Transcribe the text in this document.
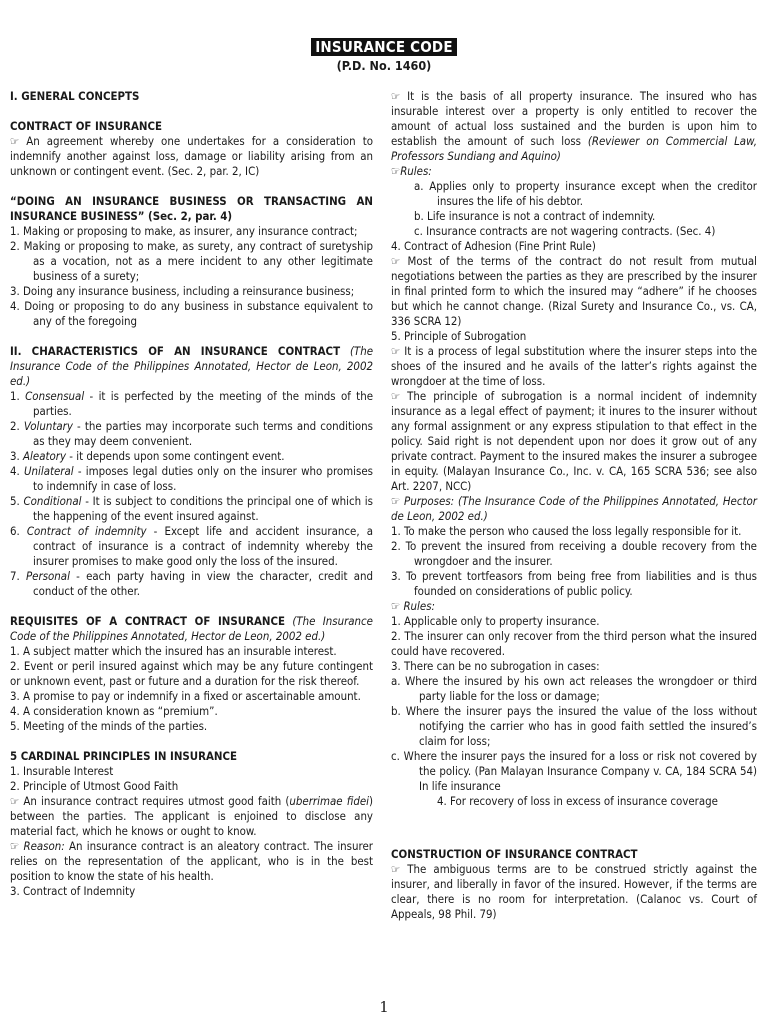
INSURANCE CODE
(P.D. No. 1460)
I. GENERAL CONCEPTS
CONTRACT OF INSURANCE
☞ An agreement whereby one undertakes for a consideration to indemnify another against loss, damage or liability arising from an unknown or contingent event. (Sec. 2, par. 2, IC)
“DOING AN INSURANCE BUSINESS OR TRANSACTING AN INSURANCE BUSINESS” (Sec. 2, par. 4)
1. Making or proposing to make, as insurer, any insurance contract;
2. Making or proposing to make, as surety, any contract of suretyship as a vocation, not as a mere incident to any other legitimate business of a surety;
3. Doing any insurance business, including a reinsurance business;
4. Doing or proposing to do any business in substance equivalent to any of the foregoing
II. CHARACTERISTICS OF AN INSURANCE CONTRACT (The Insurance Code of the Philippines Annotated, Hector de Leon, 2002 ed.)
1. Consensual - it is perfected by the meeting of the minds of the parties.
2. Voluntary - the parties may incorporate such terms and conditions as they may deem convenient.
3. Aleatory - it depends upon some contingent event.
4. Unilateral - imposes legal duties only on the insurer who promises to indemnify in case of loss.
5. Conditional - It is subject to conditions the principal one of which is the happening of the event insured against.
6. Contract of indemnity - Except life and accident insurance, a contract of insurance is a contract of indemnity whereby the insurer promises to make good only the loss of the insured.
7. Personal - each party having in view the character, credit and conduct of the other.
REQUISITES OF A CONTRACT OF INSURANCE (The Insurance Code of the Philippines Annotated, Hector de Leon, 2002 ed.)
1. A subject matter which the insured has an insurable interest.
2. Event or peril insured against which may be any future contingent or unknown event, past or future and a duration for the risk thereof.
3. A promise to pay or indemnify in a fixed or ascertainable amount.
4. A consideration known as “premium”.
5. Meeting of the minds of the parties.
5 CARDINAL PRINCIPLES IN INSURANCE
1. Insurable Interest
2. Principle of Utmost Good Faith
☞ An insurance contract requires utmost good faith (uberrimae fidei) between the parties. The applicant is enjoined to disclose any material fact, which he knows or ought to know.
☞ Reason: An insurance contract is an aleatory contract. The insurer relies on the representation of the applicant, who is in the best position to know the state of his health.
3. Contract of Indemnity
☞ It is the basis of all property insurance. The insured who has insurable interest over a property is only entitled to recover the amount of actual loss sustained and the burden is upon him to establish the amount of such loss (Reviewer on Commercial Law, Professors Sundiang and Aquino)
☞Rules:
a. Applies only to property insurance except when the creditor insures the life of his debtor.
b. Life insurance is not a contract of indemnity.
c. Insurance contracts are not wagering contracts. (Sec. 4)
4. Contract of Adhesion (Fine Print Rule)
☞ Most of the terms of the contract do not result from mutual negotiations between the parties as they are prescribed by the insurer in final printed form to which the insured may “adhere” if he chooses but which he cannot change. (Rizal Surety and Insurance Co., vs. CA, 336 SCRA 12)
5. Principle of Subrogation
☞ It is a process of legal substitution where the insurer steps into the shoes of the insured and he avails of the latter’s rights against the wrongdoer at the time of loss.
☞ The principle of subrogation is a normal incident of indemnity insurance as a legal effect of payment; it inures to the insurer without any formal assignment or any express stipulation to that effect in the policy. Said right is not dependent upon nor does it grow out of any private contract. Payment to the insured makes the insurer a subrogee in equity. (Malayan Insurance Co., Inc. v. CA, 165 SCRA 536; see also Art. 2207, NCC)
☞ Purposes: (The Insurance Code of the Philippines Annotated, Hector de Leon, 2002 ed.)
1. To make the person who caused the loss legally responsible for it.
2. To prevent the insured from receiving a double recovery from the wrongdoer and the insurer.
3. To prevent tortfeasors from being free from liabilities and is thus founded on considerations of public policy.
☞ Rules:
1. Applicable only to property insurance.
2. The insurer can only recover from the third person what the insured could have recovered.
3. There can be no subrogation in cases:
a. Where the insured by his own act releases the wrongdoer or third party liable for the loss or damage;
b. Where the insurer pays the insured the value of the loss without notifying the carrier who has in good faith settled the insured’s claim for loss;
c. Where the insurer pays the insured for a loss or risk not covered by the policy. (Pan Malayan Insurance Company v. CA, 184 SCRA 54) In life insurance
4. For recovery of loss in excess of insurance coverage
CONSTRUCTION OF INSURANCE CONTRACT
☞ The ambiguous terms are to be construed strictly against the insurer, and liberally in favor of the insured. However, if the terms are clear, there is no room for interpretation. (Calanoc vs. Court of Appeals, 98 Phil. 79)
1
